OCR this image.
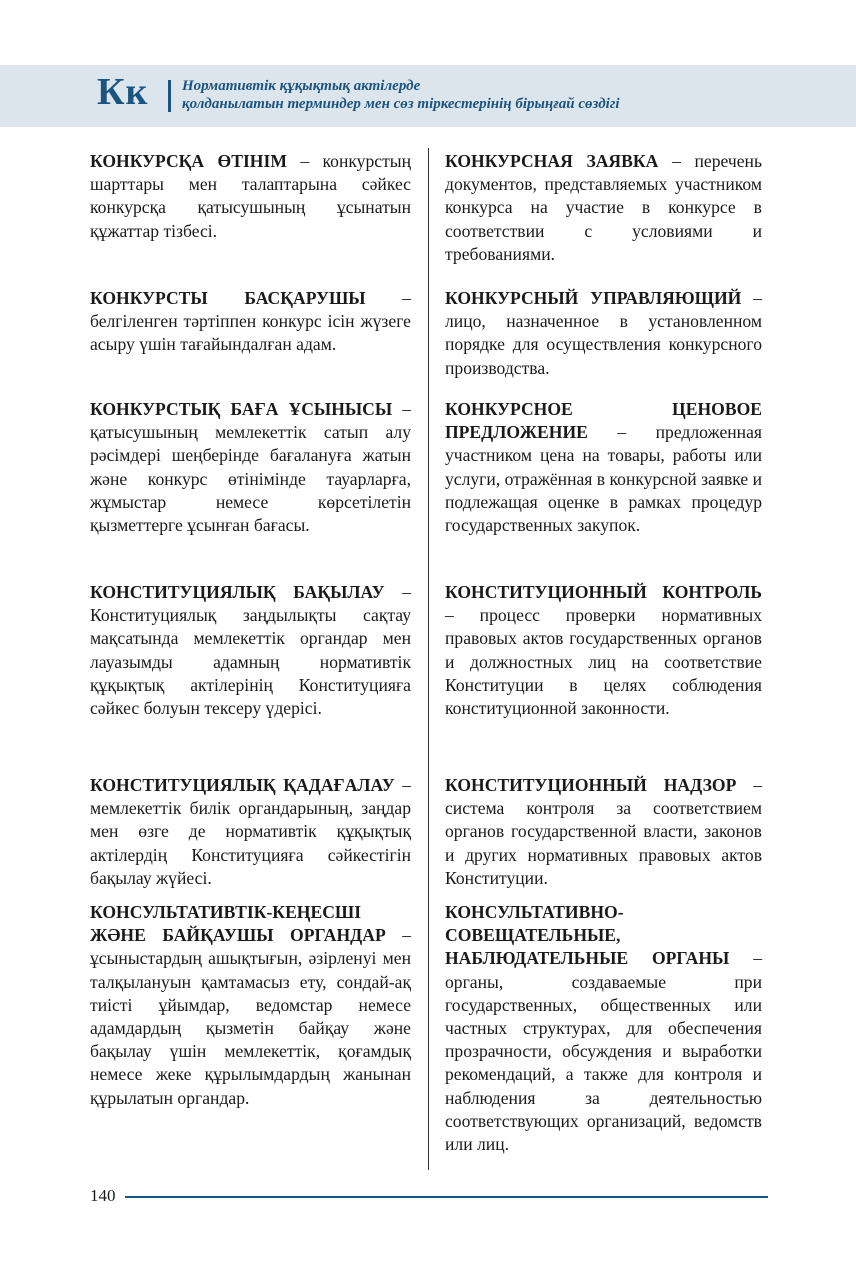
Кк Нормативтік құқықтық актілерде
қолданылатын терминдер мен сөз тіркестерінің бірыңғай сөздігі
КОНКУРСҚА ӨТІНІМ – конкурстың шарттары мен талаптарына сәйкес конкурсқа қатысушының ұсынатын құжаттар тізбесі.
КОНКУРСТЫ БАСҚАРУШЫ – белгіленген тәртіппен конкурс ісін жүзеге асыру үшін тағайындалған адам.
КОНКУРСТЫҚ БАҒА ҰСЫНЫСЫ – қатысушының мемлекеттік сатып алу рәсімдері шеңберінде бағалануға жатын және конкурс өтінімінде тауарларға, жұмыстар немесе көрсетілетін қызметтерге ұсынған бағасы.
КОНСТИТУЦИЯЛЫҚ БАҚЫЛАУ – Конституциялық заңдылықты сақтау мақсатында мемлекеттік органдар мен лауазымды адамның нормативтік құқықтық актілерінің Конституцияға сәйкес болуын тексеру үдерісі.
КОНСТИТУЦИЯЛЫҚ ҚАДАҒАЛАУ – мемлекеттік билік органдарының, заңдар мен өзге де нормативтік құқықтық актілердің Конституцияға сәйкестігін бақылау жүйесі.
КОНСУЛЬТАТИВТІК-КЕҢЕСШІ ЖӘНЕ БАЙҚАУШЫ ОРГАНДАР – ұсыныстардың ашықтығын, әзірленуі мен талқылануын қамтамасыз ету, сондай-ақ тиісті ұйымдар, ведомстар немесе адамдардың қызметін байқау және бақылау үшін мемлекеттік, қоғамдық немесе жеке құрылымдардың жанынан құрылатын органдар.
КОНКУРСНАЯ ЗАЯВКА – перечень документов, представляемых участником конкурса на участие в конкурсе в соответствии с условиями и требованиями.
КОНКУРСНЫЙ УПРАВЛЯЮЩИЙ – лицо, назначенное в установленном порядке для осуществления конкурсного производства.
КОНКУРСНОЕ ЦЕНОВОЕ ПРЕДЛОЖЕНИЕ – предложенная участником цена на товары, работы или услуги, отражённая в конкурсной заявке и подлежащая оценке в рамках процедур государственных закупок.
КОНСТИТУЦИОННЫЙ КОНТРОЛЬ – процесс проверки нормативных правовых актов государственных органов и должностных лиц на соответствие Конституции в целях соблюдения конституционной законности.
КОНСТИТУЦИОННЫЙ НАДЗОР – система контроля за соответствием органов государственной власти, законов и других нормативных правовых актов Конституции.
КОНСУЛЬТАТИВНО-СОВЕЩАТЕЛЬНЫЕ, НАБЛЮДАТЕЛЬНЫЕ ОРГАНЫ – органы, создаваемые при государственных, общественных или частных структурах, для обеспечения прозрачности, обсуждения и выработки рекомендаций, а также для контроля и наблюдения за деятельностью соответствующих организаций, ведомств или лиц.
140
